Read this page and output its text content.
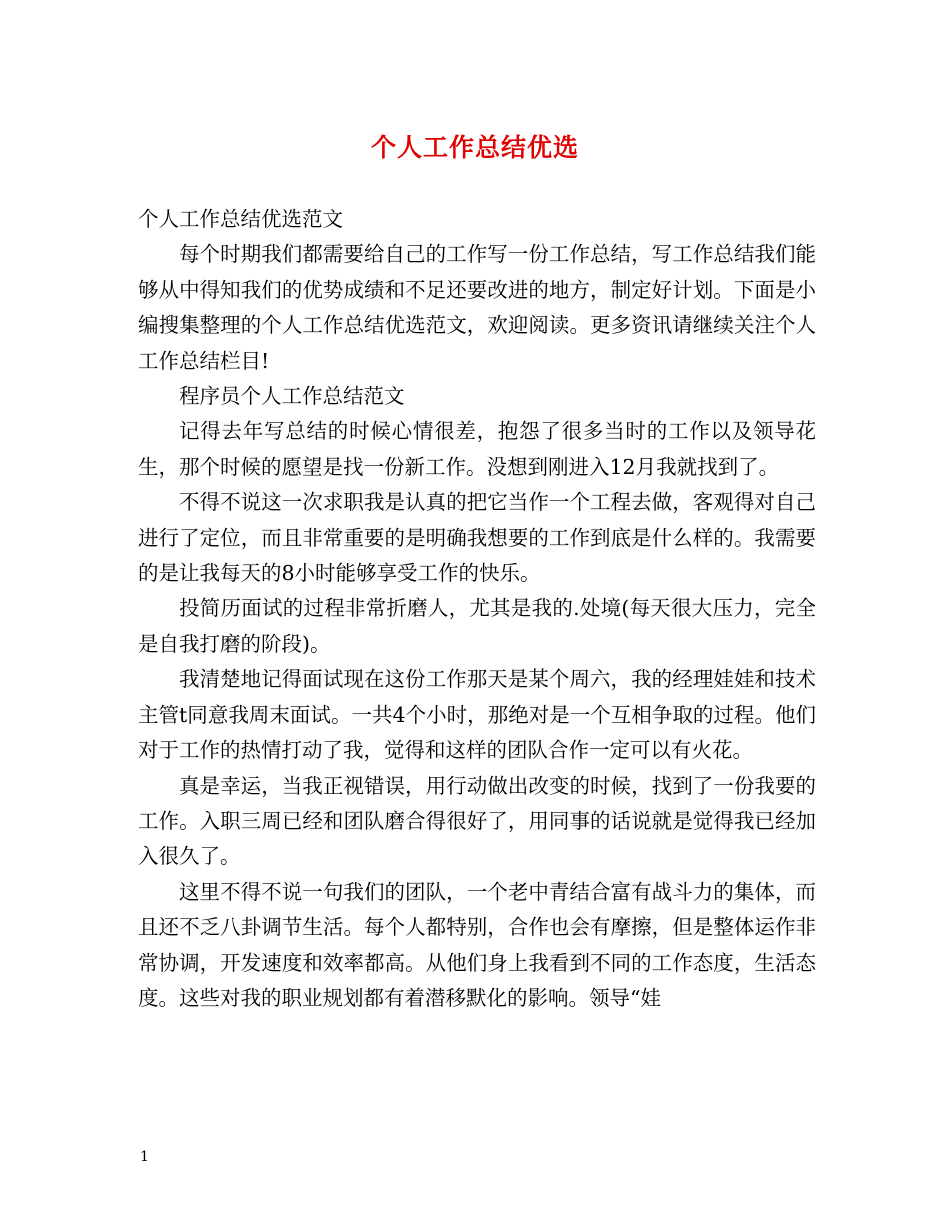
个人工作总结优选

个人工作总结优选范文

每个时期我们都需要给自己的工作写一份工作总结，写工作总结我们能够从中得知我们的优势成绩和不足还要改进的地方，制定好计划。下面是小编搜集整理的个人工作总结优选范文，欢迎阅读。更多资讯请继续关注个人工作总结栏目!

程序员个人工作总结范文

记得去年写总结的时候心情很差，抱怨了很多当时的工作以及领导花生，那个时候的愿望是找一份新工作。没想到刚进入12月我就找到了。

不得不说这一次求职我是认真的把它当作一个工程去做，客观得对自己进行了定位，而且非常重要的是明确我想要的工作到底是什么样的。我需要的是让我每天的8小时能够享受工作的快乐。

投简历面试的过程非常折磨人，尤其是我的.处境(每天很大压力，完全是自我打磨的阶段)。

我清楚地记得面试现在这份工作那天是某个周六，我的经理娃娃和技术主管t同意我周末面试。一共4个小时，那绝对是一个互相争取的过程。他们对于工作的热情打动了我，觉得和这样的团队合作一定可以有火花。

真是幸运，当我正视错误，用行动做出改变的时候，找到了一份我要的工作。入职三周已经和团队磨合得很好了，用同事的话说就是觉得我已经加入很久了。

这里不得不说一句我们的团队，一个老中青结合富有战斗力的集体，而且还不乏八卦调节生活。每个人都特别，合作也会有摩擦，但是整体运作非常协调，开发速度和效率都高。从他们身上我看到不同的工作态度，生活态度。这些对我的职业规划都有着潜移默化的影响。领导“娃

1
